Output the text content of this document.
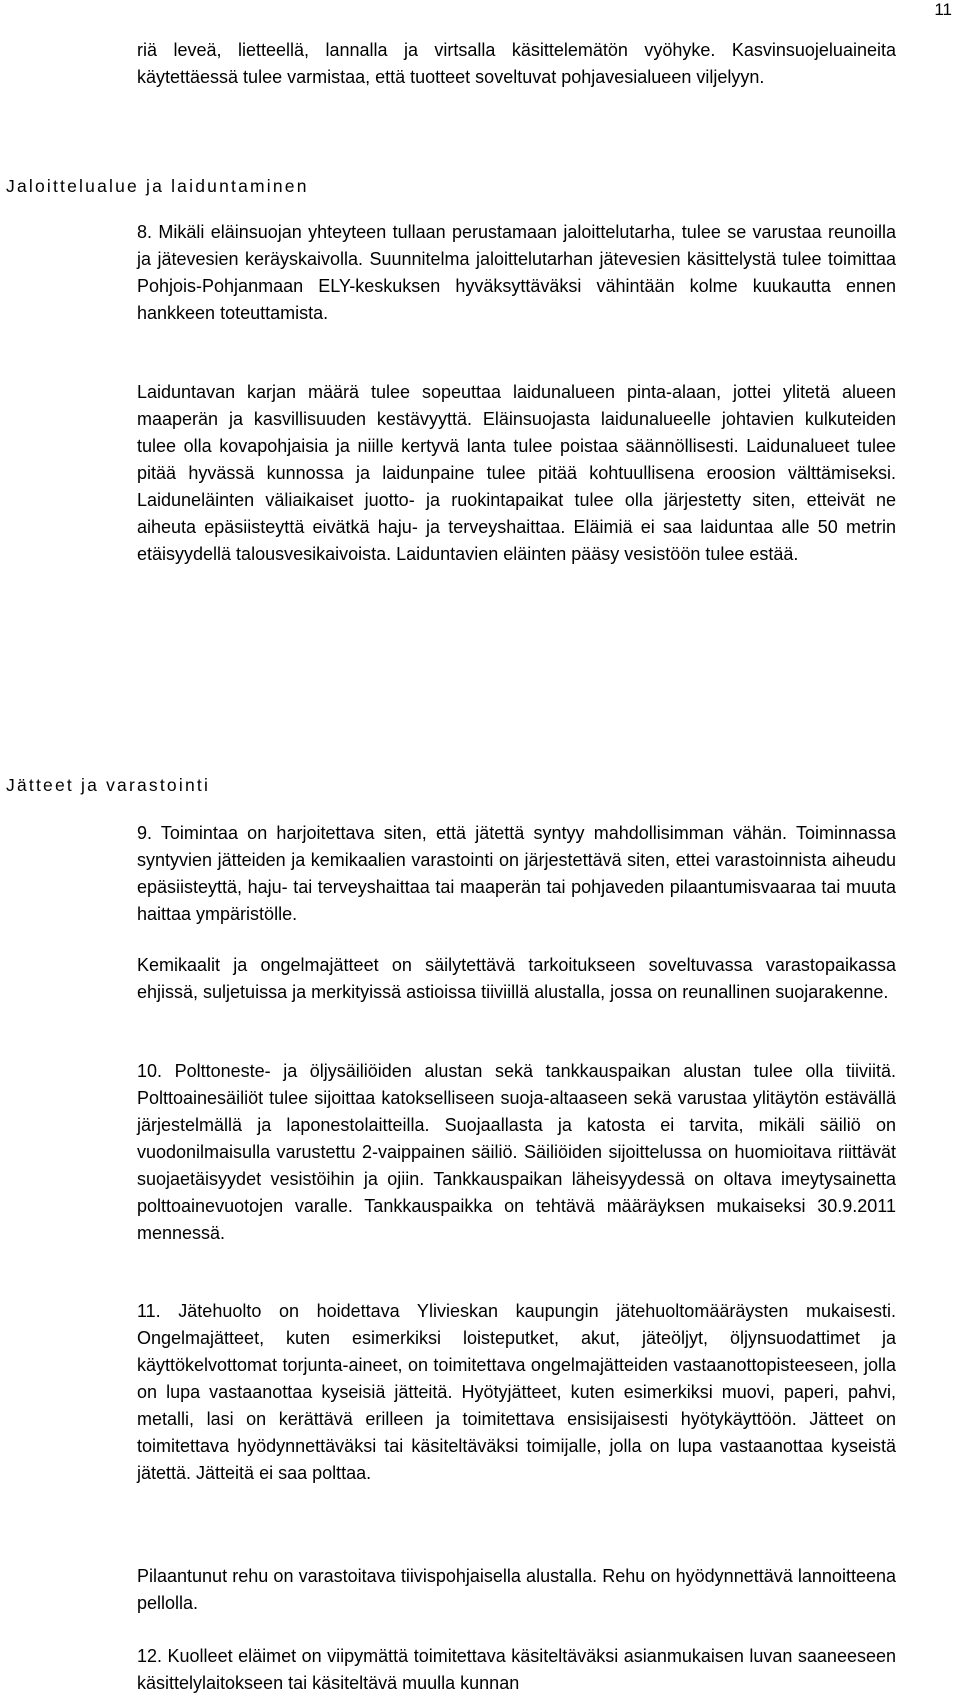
11

riä leveä, lietteellä, lannalla ja virtsalla käsittelemätön vyöhyke. Kasvinsuojeluaineita käytettäessä tulee varmistaa, että tuotteet soveltuvat pohjavesialueen viljelyyn.

Jaloittelualue ja laiduntaminen

8. Mikäli eläinsuojan yhteyteen tullaan perustamaan jaloittelutarha, tulee se varustaa reunoilla ja jätevesien keräyskaivolla. Suunnitelma jaloittelutarhan jätevesien käsittelystä tulee toimittaa Pohjois-Pohjanmaan ELY-keskuksen hyväksyttäväksi vähintään kolme kuukautta ennen hankkeen toteuttamista.

Laiduntavan karjan määrä tulee sopeuttaa laidunalueen pinta-alaan, jottei ylitetä alueen maaperän ja kasvillisuuden kestävyyttä. Eläinsuojasta laidunalueelle johtavien kulkuteiden tulee olla kovapohjaisia ja niille kertyvä lanta tulee poistaa säännöllisesti. Laidunalueet tulee pitää hyvässä kunnossa ja laidunpaine tulee pitää kohtuullisena eroosion välttämiseksi. Laiduneläinten väliaikaiset juotto- ja ruokintapaikat tulee olla järjestetty siten, etteivät ne aiheuta epäsiisteyttä eivätkä haju- ja terveyshaittaa. Eläimiä ei saa laiduntaa alle 50 metrin etäisyydellä talousvesikaivoista. Laiduntavien eläinten pääsy vesistöön tulee estää.

Jätteet ja varastointi

9. Toimintaa on harjoitettava siten, että jätettä syntyy mahdollisimman vähän. Toiminnassa syntyvien jätteiden ja kemikaalien varastointi on järjestettävä siten, ettei varastoinnista aiheudu epäsiisteyttä, haju- tai terveyshaittaa tai maaperän tai pohjaveden pilaantumisvaaraa tai muuta haittaa ympäristölle.

Kemikaalit ja ongelmajätteet on säilytettävä tarkoitukseen soveltuvassa varastopaikassa ehjissä, suljetuissa ja merkityissä astioissa tiiviillä alustalla, jossa on reunallinen suojarakenne.

10. Polttoneste- ja öljysäiliöiden alustan sekä tankkauspaikan alustan tulee olla tiiviitä. Polttoainesäiliöt tulee sijoittaa katokselliseen suoja-altaaseen sekä varustaa ylitäytön estävällä järjestelmällä ja laponestolaitteilla. Suojaallasta ja katosta ei tarvita, mikäli säiliö on vuodonilmaisulla varustettu 2-vaippainen säiliö. Säiliöiden sijoittelussa on huomioitava riittävät suojaetäisyydet vesistöihin ja ojiin. Tankkauspaikan läheisyydessä on oltava imeytysainetta polttoainevuotojen varalle. Tankkauspaikka on tehtävä määräyksen mukaiseksi 30.9.2011 mennessä.

11. Jätehuolto on hoidettava Ylivieskan kaupungin jätehuoltomääräysten mukaisesti. Ongelmajätteet, kuten esimerkiksi loisteputket, akut, jäteöljyt, öljynsuodattimet ja käyttökelvottomat torjunta-aineet, on toimitettava ongelmajätteiden vastaanottopisteeseen, jolla on lupa vastaanottaa kyseisiä jätteitä. Hyötyjätteet, kuten esimerkiksi muovi, paperi, pahvi, metalli, lasi on kerättävä erilleen ja toimitettava ensisijaisesti hyötykäyttöön. Jätteet on toimitettava hyödynnettäväksi tai käsiteltäväksi toimijalle, jolla on lupa vastaanottaa kyseistä jätettä. Jätteitä ei saa polttaa.

Pilaantunut rehu on varastoitava tiivispohjaisella alustalla. Rehu on hyödynnettävä lannoitteena pellolla.

12. Kuolleet eläimet on viipymättä toimitettava käsiteltäväksi asianmukaisen luvan saaneeseen käsittelylaitokseen tai käsiteltävä muulla kunnan
